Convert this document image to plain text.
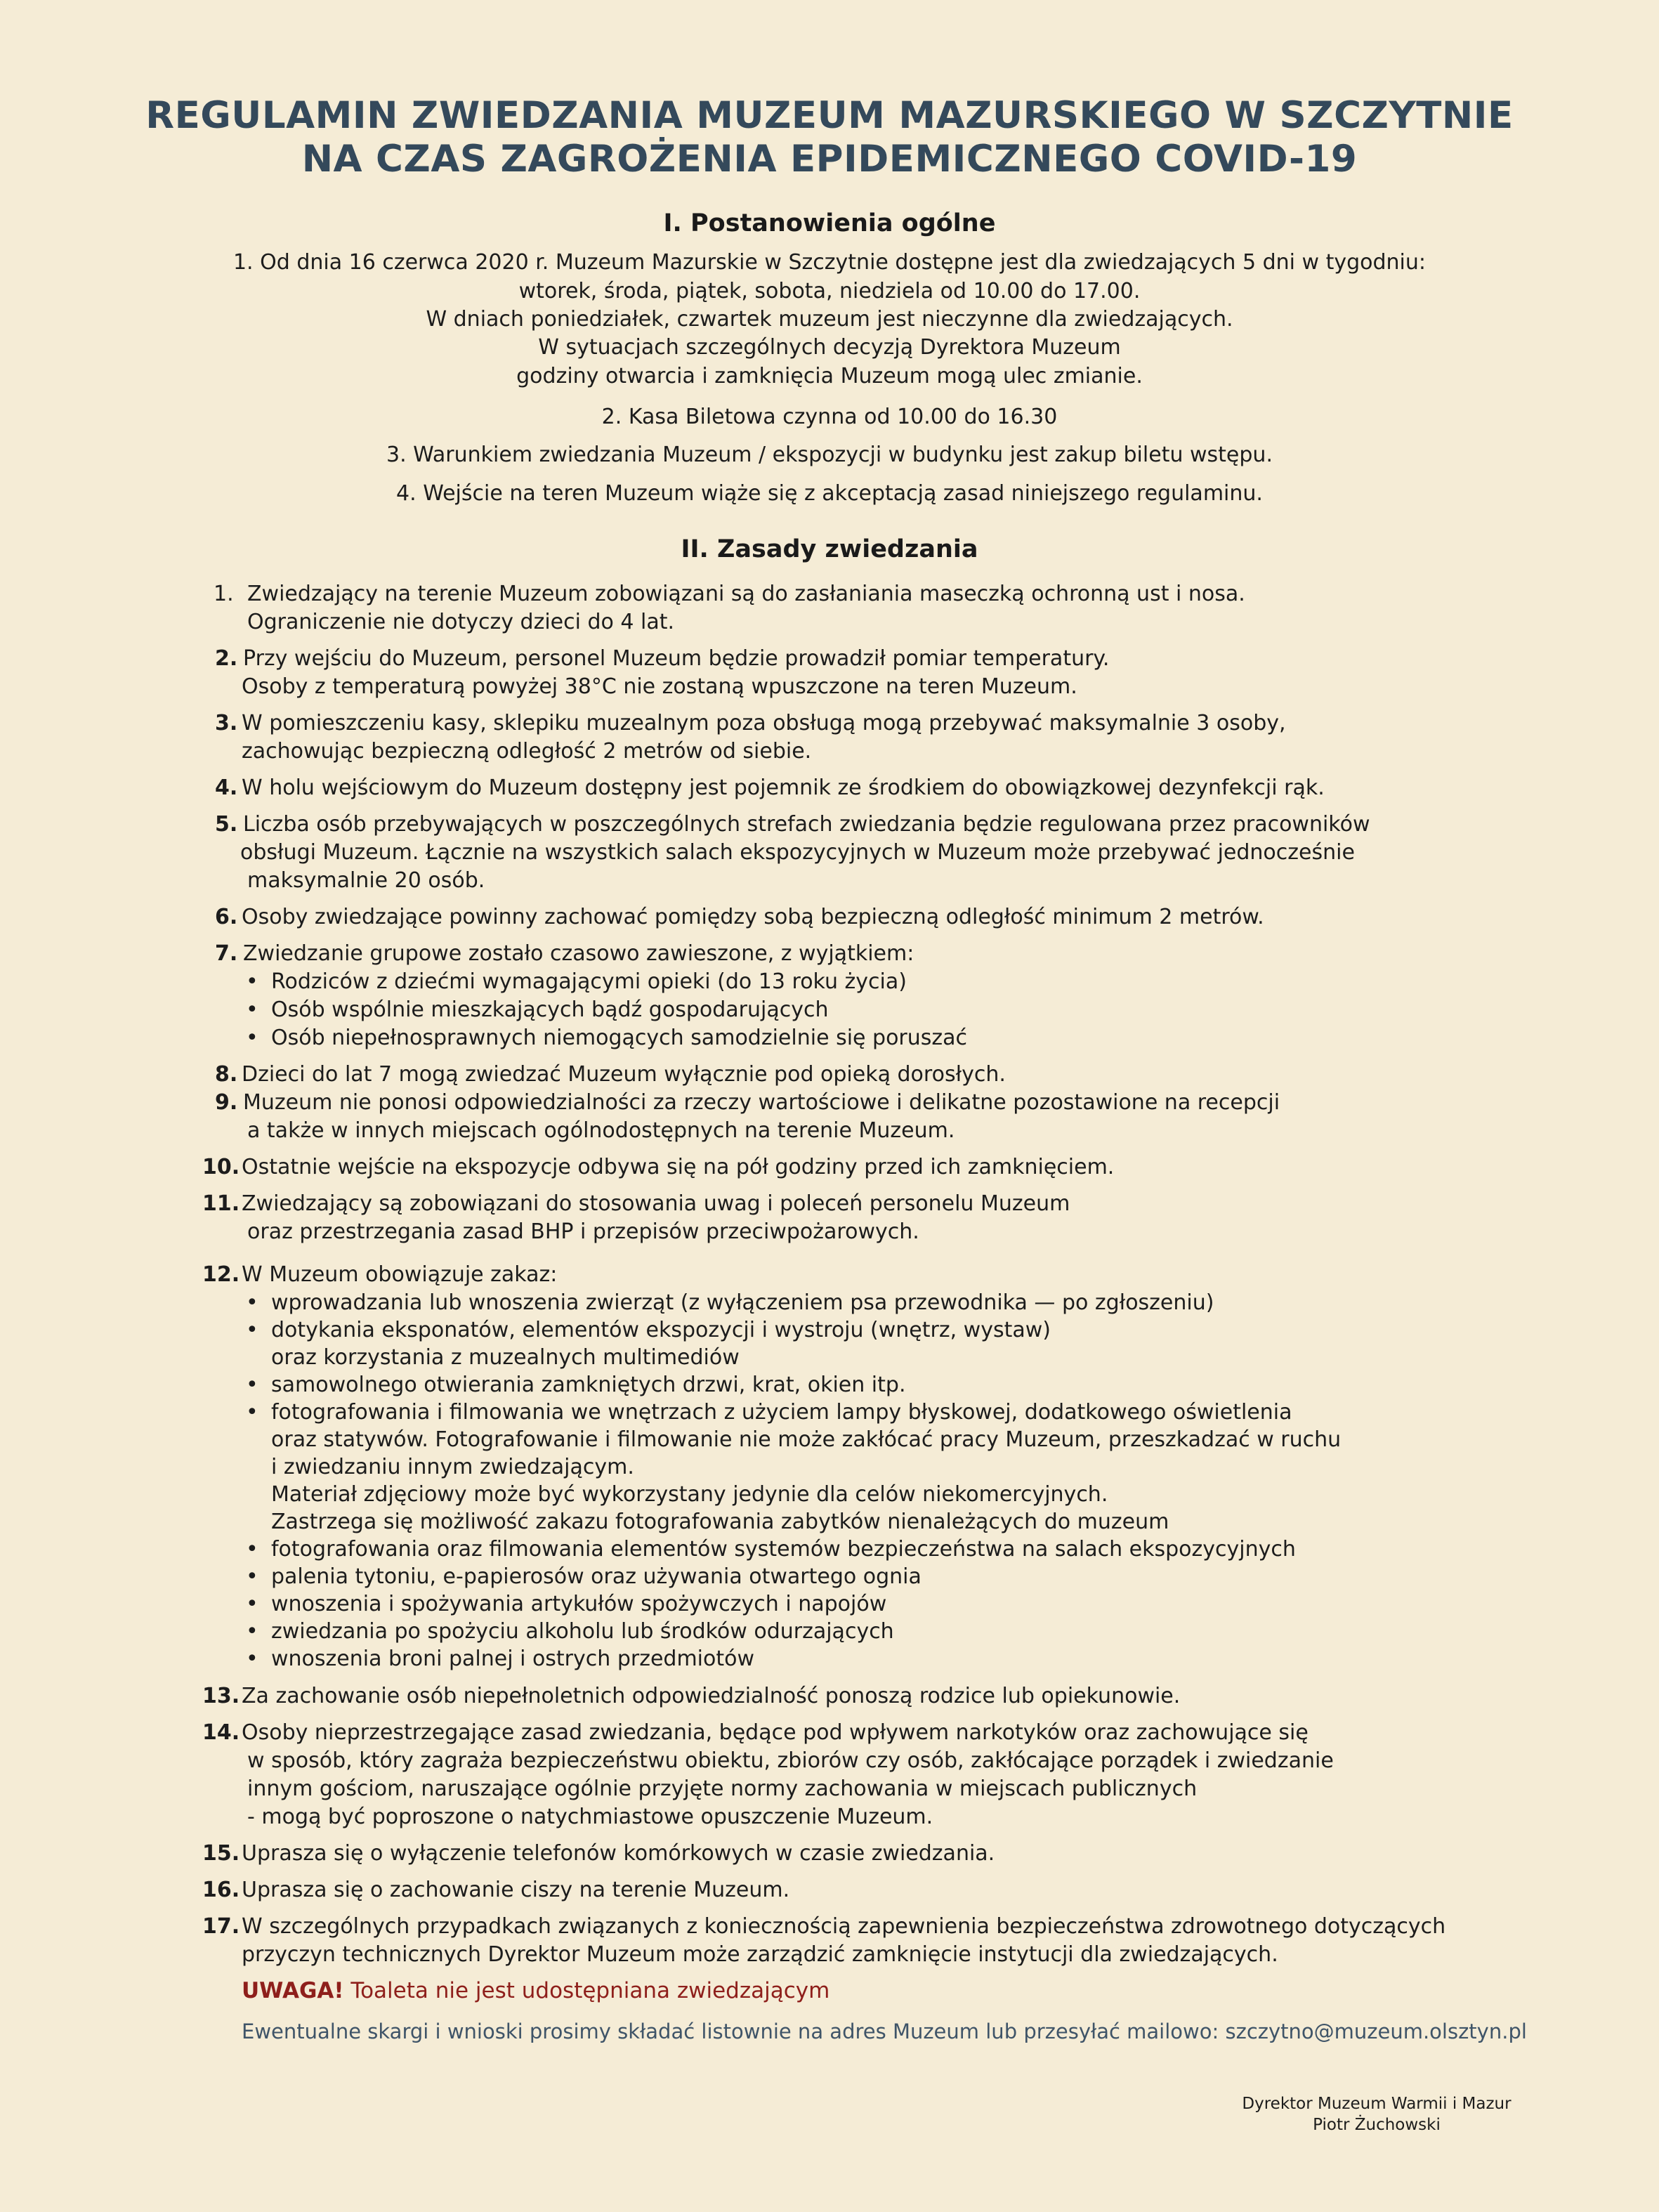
REGULAMIN ZWIEDZANIA MUZEUM MAZURSKIEGO W SZCZYTNIE
NA CZAS ZAGROŻENIA EPIDEMICZNEGO COVID-19
I. Postanowienia ogólne
1. Od dnia 16 czerwca 2020 r. Muzeum Mazurskie w Szczytnie dostępne jest dla zwiedzających 5 dni w tygodniu:
wtorek, środa, piątek, sobota, niedziela od 10.00 do 17.00.
W dniach poniedziałek, czwartek muzeum jest nieczynne dla zwiedzających.
W sytuacjach szczególnych decyzją Dyrektora Muzeum
godziny otwarcia i zamknięcia Muzeum mogą ulec zmianie.
2. Kasa Biletowa czynna od 10.00 do 16.30
3. Warunkiem zwiedzania Muzeum / ekspozycji w budynku jest zakup biletu wstępu.
4. Wejście na teren Muzeum wiąże się z akceptacją zasad niniejszego regulaminu.
II. Zasady zwiedzania
1. Zwiedzający na terenie Muzeum zobowiązani są do zasłaniania maseczką ochronną ust i nosa.
Ograniczenie nie dotyczy dzieci do 4 lat.
2. Przy wejściu do Muzeum, personel Muzeum będzie prowadził pomiar temperatury.
Osoby z temperaturą powyżej 38°C nie zostaną wpuszczone na teren Muzeum.
3. W pomieszczeniu kasy, sklepiku muzealnym poza obsługą mogą przebywać maksymalnie 3 osoby,
zachowując bezpieczną odległość 2 metrów od siebie.
4. W holu wejściowym do Muzeum dostępny jest pojemnik ze środkiem do obowiązkowej dezynfekcji rąk.
5. Liczba osób przebywających w poszczególnych strefach zwiedzania będzie regulowana przez pracowników
obsługi Muzeum. Łącznie na wszystkich salach ekspozycyjnych w Muzeum może przebywać jednocześnie
maksymalnie 20 osób.
6. Osoby zwiedzające powinny zachować pomiędzy sobą bezpieczną odległość minimum 2 metrów.
7. Zwiedzanie grupowe zostało czasowo zawieszone, z wyjątkiem:
• Rodziców z dziećmi wymagającymi opieki (do 13 roku życia)
• Osób wspólnie mieszkających bądź gospodarujących
• Osób niepełnosprawnych niemogących samodzielnie się poruszać
8. Dzieci do lat 7 mogą zwiedzać Muzeum wyłącznie pod opieką dorosłych.
9. Muzeum nie ponosi odpowiedzialności za rzeczy wartościowe i delikatne pozostawione na recepcji
a także w innych miejscach ogólnodostępnych na terenie Muzeum.
10. Ostatnie wejście na ekspozycje odbywa się na pół godziny przed ich zamknięciem.
11. Zwiedzający są zobowiązani do stosowania uwag i poleceń personelu Muzeum
oraz przestrzegania zasad BHP i przepisów przeciwpożarowych.
12. W Muzeum obowiązuje zakaz:
• wprowadzania lub wnoszenia zwierząt (z wyłączeniem psa przewodnika — po zgłoszeniu)
• dotykania eksponatów, elementów ekspozycji i wystroju (wnętrz, wystaw)
oraz korzystania z muzealnych multimediów
• samowolnego otwierania zamkniętych drzwi, krat, okien itp.
• fotografowania i filmowania we wnętrzach z użyciem lampy błyskowej, dodatkowego oświetlenia
oraz statywów. Fotografowanie i filmowanie nie może zakłócać pracy Muzeum, przeszkadzać w ruchu
i zwiedzaniu innym zwiedzającym.
Materiał zdjęciowy może być wykorzystany jedynie dla celów niekomercyjnych.
Zastrzega się możliwość zakazu fotografowania zabytków nienależących do muzeum
• fotografowania oraz filmowania elementów systemów bezpieczeństwa na salach ekspozycyjnych
• palenia tytoniu, e-papierosów oraz używania otwartego ognia
• wnoszenia i spożywania artykułów spożywczych i napojów
• zwiedzania po spożyciu alkoholu lub środków odurzających
• wnoszenia broni palnej i ostrych przedmiotów
13. Za zachowanie osób niepełnoletnich odpowiedzialność ponoszą rodzice lub opiekunowie.
14. Osoby nieprzestrzegające zasad zwiedzania, będące pod wpływem narkotyków oraz zachowujące się
w sposób, który zagraża bezpieczeństwu obiektu, zbiorów czy osób, zakłócające porządek i zwiedzanie
innym gościom, naruszające ogólnie przyjęte normy zachowania w miejscach publicznych
- mogą być poproszone o natychmiastowe opuszczenie Muzeum.
15. Uprasza się o wyłączenie telefonów komórkowych w czasie zwiedzania.
16. Uprasza się o zachowanie ciszy na terenie Muzeum.
17. W szczególnych przypadkach związanych z koniecznością zapewnienia bezpieczeństwa zdrowotnego dotyczących
przyczyn technicznych Dyrektor Muzeum może zarządzić zamknięcie instytucji dla zwiedzających.
UWAGA! Toaleta nie jest udostępniana zwiedzającym
Ewentualne skargi i wnioski prosimy składać listownie na adres Muzeum lub przesyłać mailowo: szczytno@muzeum.olsztyn.pl
Dyrektor Muzeum Warmii i Mazur
Piotr Żuchowski
